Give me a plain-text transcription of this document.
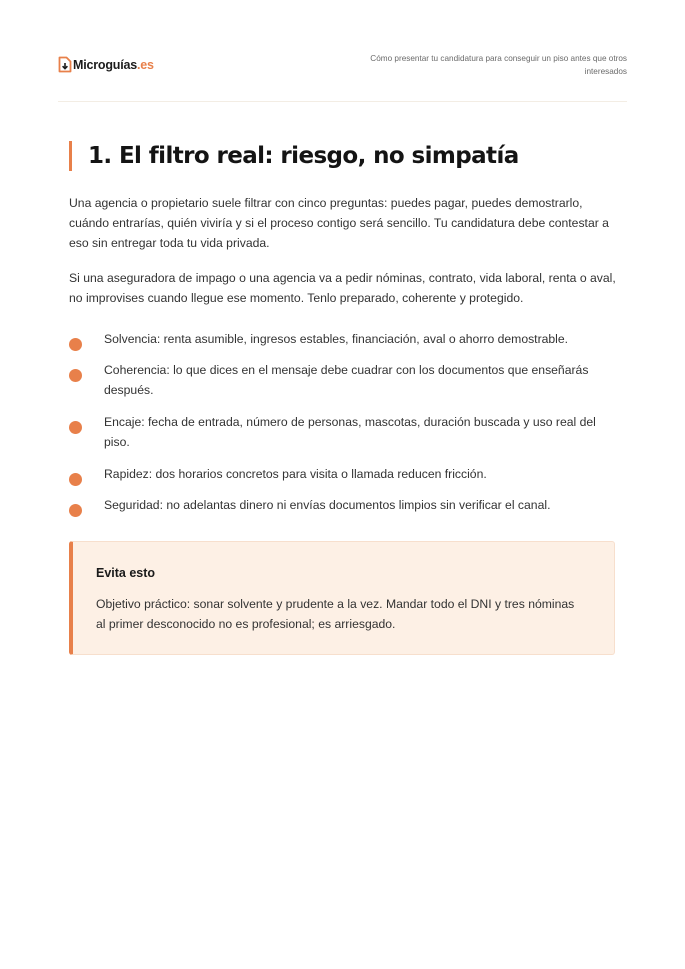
Microguías.es	Cómo presentar tu candidatura para conseguir un piso antes que otros interesados
1. El filtro real: riesgo, no simpatía
Una agencia o propietario suele filtrar con cinco preguntas: puedes pagar, puedes demostrarlo, cuándo entrarías, quién viviría y si el proceso contigo será sencillo. Tu candidatura debe contestar a eso sin entregar toda tu vida privada.
Si una aseguradora de impago o una agencia va a pedir nóminas, contrato, vida laboral, renta o aval, no improvises cuando llegue ese momento. Tenlo preparado, coherente y protegido.
Solvencia: renta asumible, ingresos estables, financiación, aval o ahorro demostrable.
Coherencia: lo que dices en el mensaje debe cuadrar con los documentos que enseñarás después.
Encaje: fecha de entrada, número de personas, mascotas, duración buscada y uso real del piso.
Rapidez: dos horarios concretos para visita o llamada reducen fricción.
Seguridad: no adelantas dinero ni envías documentos limpios sin verificar el canal.
Evita esto
Objetivo práctico: sonar solvente y prudente a la vez. Mandar todo el DNI y tres nóminas al primer desconocido no es profesional; es arriesgado.
